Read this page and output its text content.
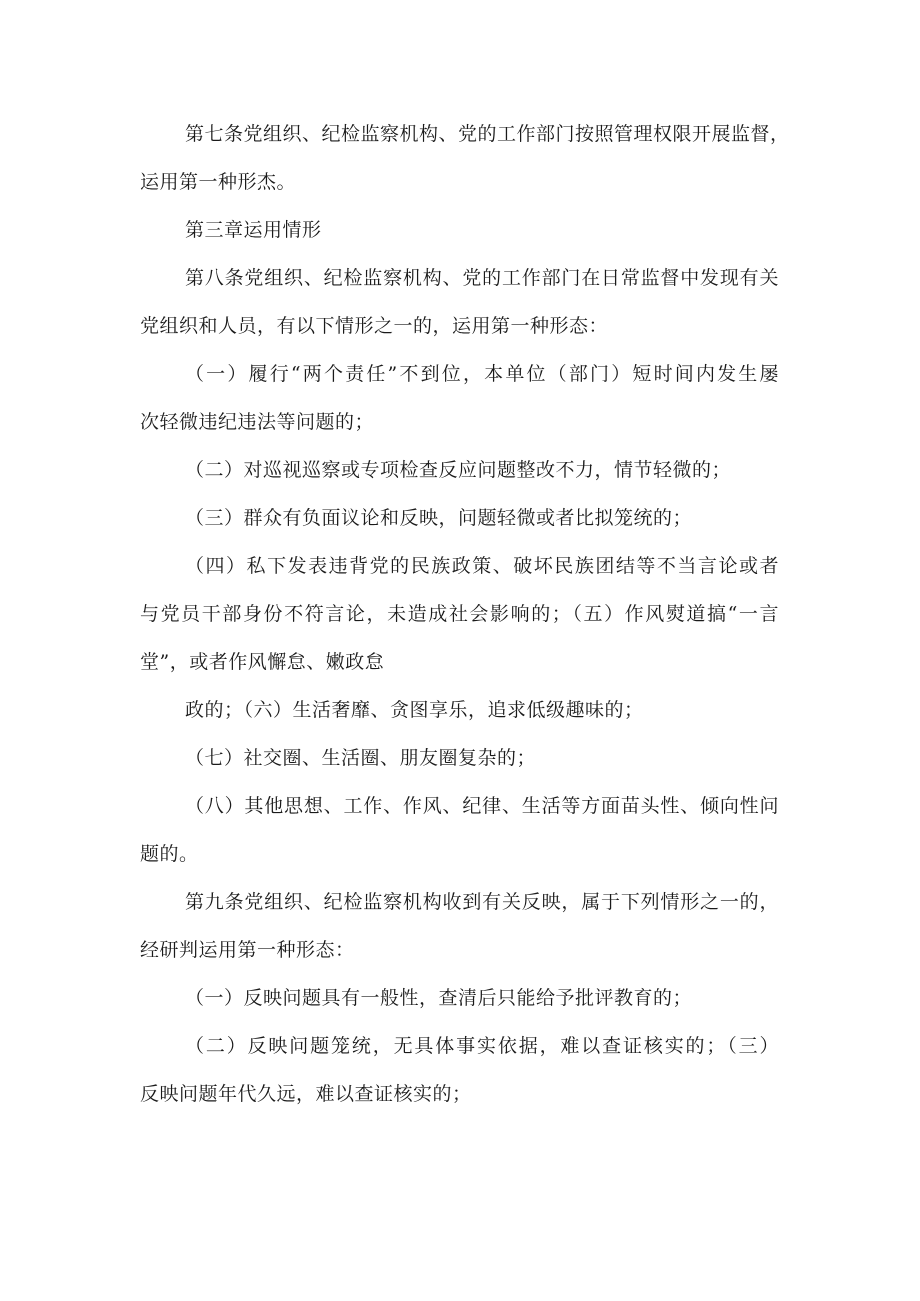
第七条党组织、纪检监察机构、党的工作部门按照管理权限开展监督，
运用第一种形杰。
第三章运用情形
第八条党组织、纪检监察机构、党的工作部门在日常监督中发现有关
党组织和人员，有以下情形之一的，运用第一种形态：
（一）履行“两个责任”不到位，本单位（部门）短时间内发生屡
次轻微违纪违法等问题的；
（二）对巡视巡察或专项检查反应问题整改不力，情节轻微的；
（三）群众有负面议论和反映，问题轻微或者比拟笼统的；
（四）私下发表违背党的民族政策、破坏民族团结等不当言论或者
与党员干部身份不符言论，未造成社会影响的；（五）作风熨道搞“一言
堂”，或者作风懈怠、嫩政怠
政的；（六）生活奢靡、贪图享乐，追求低级趣味的；
（七）社交圈、生活圈、朋友圈复杂的；
（八）其他思想、工作、作风、纪律、生活等方面苗头性、倾向性问
题的。
第九条党组织、纪检监察机构收到有关反映，属于下列情形之一的，
经研判运用第一种形态：
（一）反映问题具有一般性，查清后只能给予批评教育的；
（二）反映问题笼统，无具体事实依据，难以查证核实的；（三）
反映问题年代久远，难以查证核实的；
